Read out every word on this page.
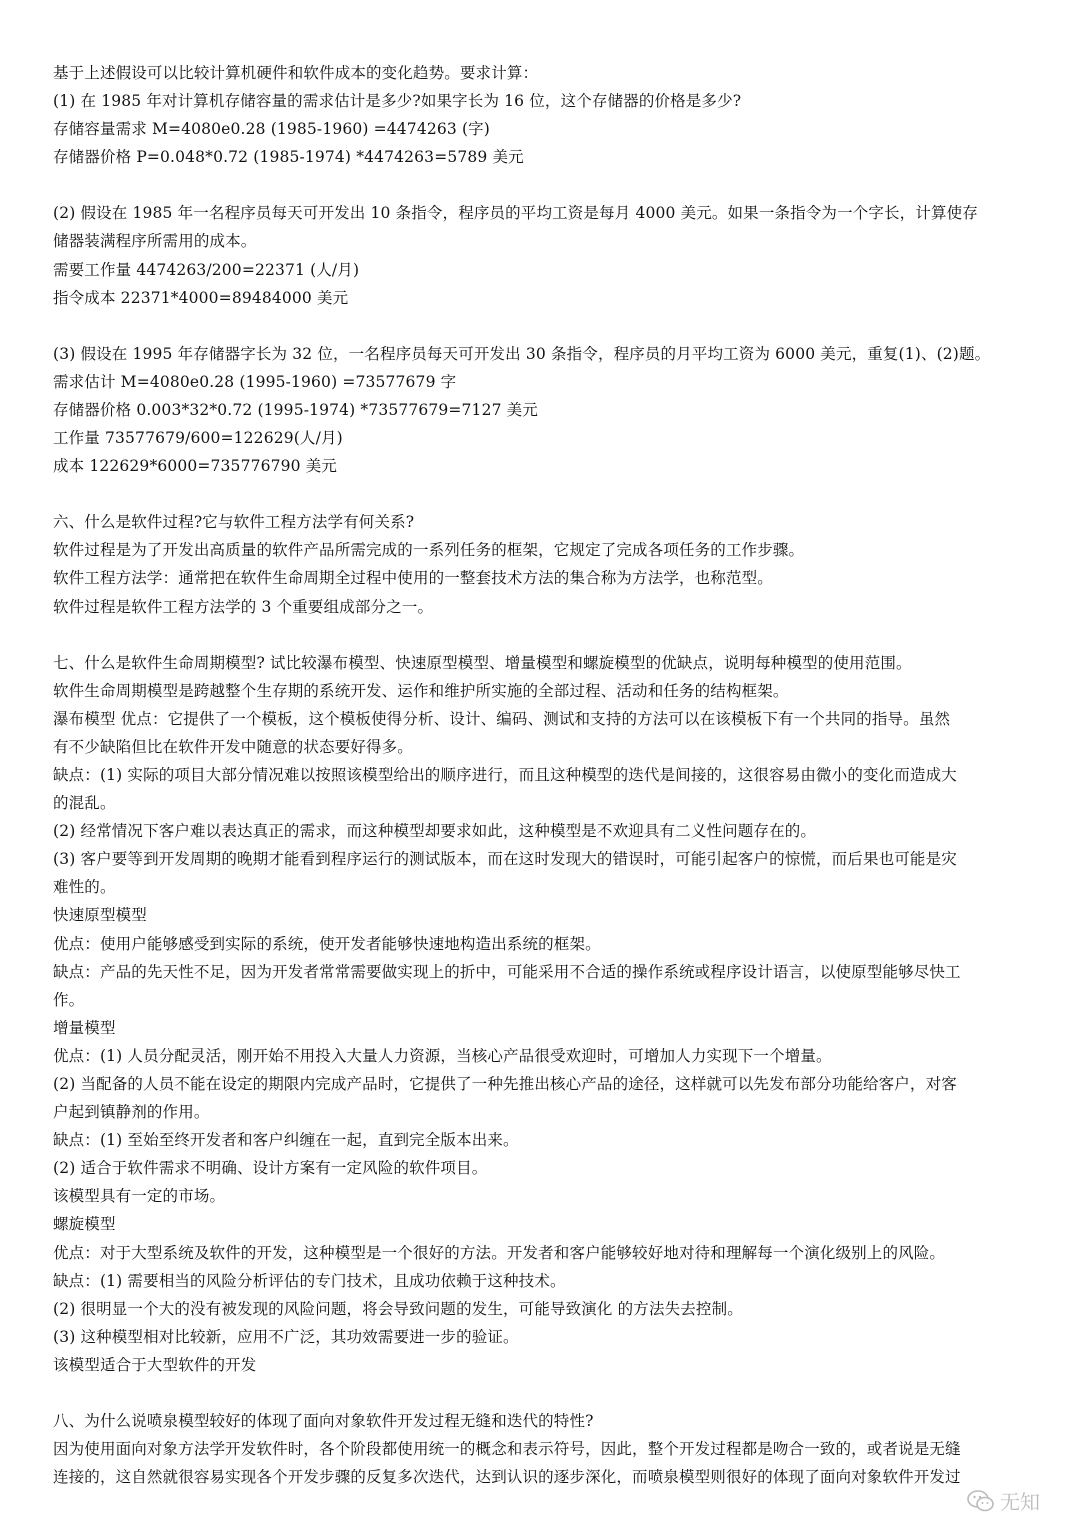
基于上述假设可以比较计算机硬件和软件成本的变化趋势。要求计算：
(1) 在 1985 年对计算机存储容量的需求估计是多少?如果字长为 16 位，这个存储器的价格是多少?
存储容量需求 M=4080e0.28 (1985-1960) =4474263 (字)
存储器价格 P=0.048*0.72 (1985-1974) *4474263=5789 美元
(2) 假设在 1985 年一名程序员每天可开发出 10 条指令，程序员的平均工资是每月 4000 美元。如果一条指令为一个字长，计算使存
储器装满程序所需用的成本。
需要工作量 4474263/200=22371 (人/月)
指令成本 22371*4000=89484000 美元
(3) 假设在 1995 年存储器字长为 32 位，一名程序员每天可开发出 30 条指令，程序员的月平均工资为 6000 美元，重复(1)、(2)题。
需求估计 M=4080e0.28 (1995-1960) =73577679 字
存储器价格 0.003*32*0.72 (1995-1974) *73577679=7127 美元
工作量 73577679/600=122629(人/月)
成本 122629*6000=735776790 美元
六、什么是软件过程?它与软件工程方法学有何关系?
软件过程是为了开发出高质量的软件产品所需完成的一系列任务的框架，它规定了完成各项任务的工作步骤。
软件工程方法学：通常把在软件生命周期全过程中使用的一整套技术方法的集合称为方法学，也称范型。
软件过程是软件工程方法学的 3 个重要组成部分之一。
七、什么是软件生命周期模型? 试比较瀑布模型、快速原型模型、增量模型和螺旋模型的优缺点，说明每种模型的使用范围。
软件生命周期模型是跨越整个生存期的系统开发、运作和维护所实施的全部过程、活动和任务的结构框架。
瀑布模型 优点：它提供了一个模板，这个模板使得分析、设计、编码、测试和支持的方法可以在该模板下有一个共同的指导。虽然
有不少缺陷但比在软件开发中随意的状态要好得多。
缺点：(1) 实际的项目大部分情况难以按照该模型给出的顺序进行，而且这种模型的迭代是间接的，这很容易由微小的变化而造成大
的混乱。
(2) 经常情况下客户难以表达真正的需求，而这种模型却要求如此，这种模型是不欢迎具有二义性问题存在的。
(3) 客户要等到开发周期的晚期才能看到程序运行的测试版本，而在这时发现大的错误时，可能引起客户的惊慌，而后果也可能是灾
难性的。
快速原型模型
优点：使用户能够感受到实际的系统，使开发者能够快速地构造出系统的框架。
缺点：产品的先天性不足，因为开发者常常需要做实现上的折中，可能采用不合适的操作系统或程序设计语言，以使原型能够尽快工
作。
增量模型
优点：(1) 人员分配灵活，刚开始不用投入大量人力资源，当核心产品很受欢迎时，可增加人力实现下一个增量。
(2) 当配备的人员不能在设定的期限内完成产品时，它提供了一种先推出核心产品的途径，这样就可以先发布部分功能给客户，对客
户起到镇静剂的作用。
缺点：(1) 至始至终开发者和客户纠缠在一起，直到完全版本出来。
(2) 适合于软件需求不明确、设计方案有一定风险的软件项目。
该模型具有一定的市场。
螺旋模型
优点：对于大型系统及软件的开发，这种模型是一个很好的方法。开发者和客户能够较好地对待和理解每一个演化级别上的风险。
缺点：(1) 需要相当的风险分析评估的专门技术，且成功依赖于这种技术。
(2) 很明显一个大的没有被发现的风险问题，将会导致问题的发生，可能导致演化 的方法失去控制。
(3) 这种模型相对比较新，应用不广泛，其功效需要进一步的验证。
该模型适合于大型软件的开发
八、为什么说喷泉模型较好的体现了面向对象软件开发过程无缝和迭代的特性?
因为使用面向对象方法学开发软件时，各个阶段都使用统一的概念和表示符号，因此，整个开发过程都是吻合一致的，或者说是无缝
连接的，这自然就很容易实现各个开发步骤的反复多次迭代，达到认识的逐步深化，而喷泉模型则很好的体现了面向对象软件开发过
无知
